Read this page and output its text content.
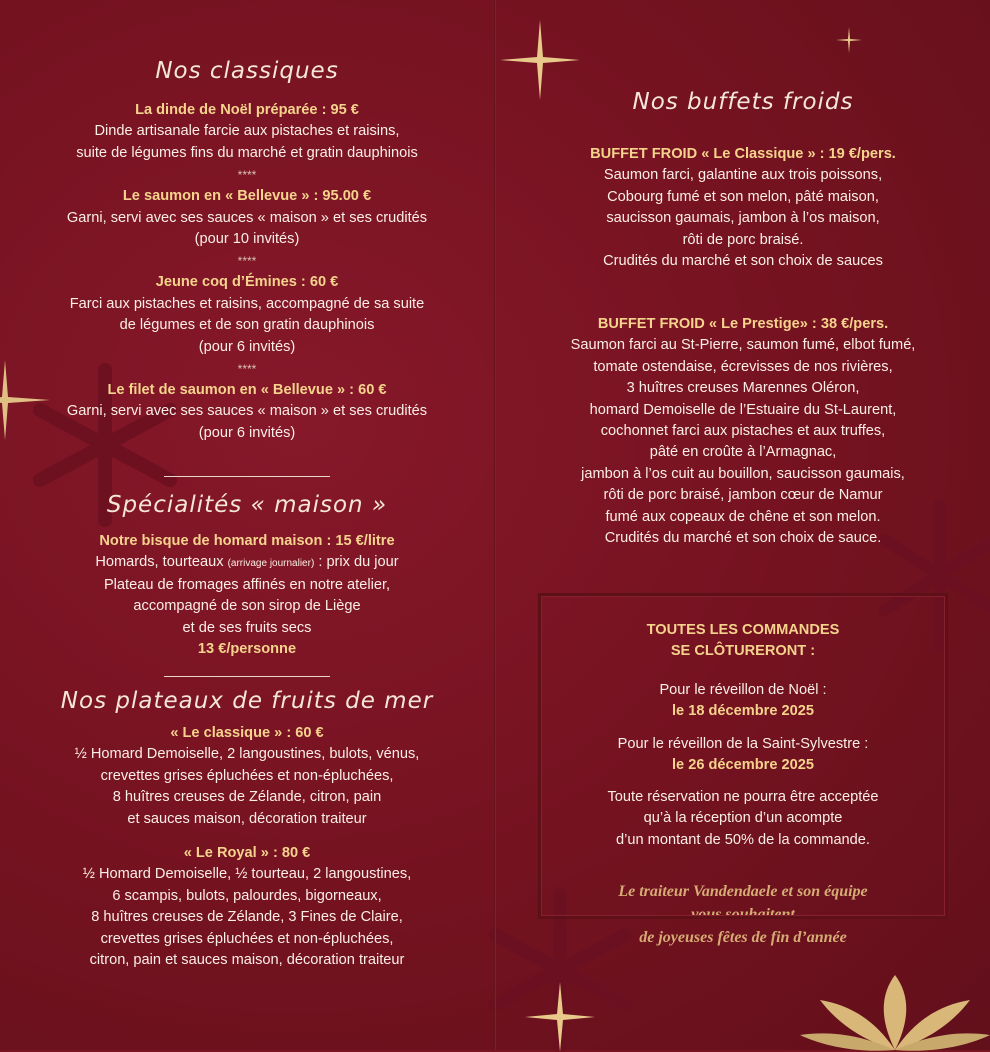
Nos classiques

La dinde de Noël préparée : 95 €

Dinde artisanale farcie aux pistaches et raisins,

suite de légumes fins du marché et gratin dauphinois

****

Le saumon en « Bellevue » : 95.00 €

Garni, servi avec ses sauces « maison » et ses crudités

(pour 10 invités)

****

Jeune coq d’Émines : 60 €

Farci aux pistaches et raisins, accompagné de sa suite

de légumes et de son gratin dauphinois

(pour 6 invités)

****

Le filet de saumon en « Bellevue » : 60 €

Garni, servi avec ses sauces « maison » et ses crudités

(pour 6 invités)

Spécialités « maison »

Notre bisque de homard maison : 15 €/litre

Homards, tourteaux (arrivage journalier) : prix du jour

Plateau de fromages affinés en notre atelier,

accompagné de son sirop de Liège

et de ses fruits secs

13 €/personne

Nos plateaux de fruits de mer

« Le classique » : 60 €

½ Homard Demoiselle, 2 langoustines, bulots, vénus,

crevettes grises épluchées et non-épluchées,

8 huîtres creuses de Zélande, citron, pain

et sauces maison, décoration traiteur

« Le Royal » : 80 €

½ Homard Demoiselle, ½ tourteau, 2 langoustines,

6 scampis, bulots, palourdes, bigorneaux,

8 huîtres creuses de Zélande, 3 Fines de Claire,

crevettes grises épluchées et non-épluchées,

citron, pain et sauces maison, décoration traiteur

Nos buffets froids

BUFFET FROID « Le Classique » : 19 €/pers.

Saumon farci, galantine aux trois poissons,

Cobourg fumé et son melon, pâté maison,

saucisson gaumais, jambon à l’os maison,

rôti de porc braisé.

Crudités du marché et son choix de sauces

BUFFET FROID « Le Prestige» : 38 €/pers.

Saumon farci au St-Pierre, saumon fumé, elbot fumé,

tomate ostendaise, écrevisses de nos rivières,

3 huîtres creuses Marennes Oléron,

homard Demoiselle de l’Estuaire du St-Laurent,

cochonnet farci aux pistaches et aux truffes,

pâté en croûte à l’Armagnac,

jambon à l’os cuit au bouillon, saucisson gaumais,

rôti de porc braisé, jambon cœur de Namur

fumé aux copeaux de chêne et son melon.

Crudités du marché et son choix de sauce.

TOUTES LES COMMANDES

SE CLÔTURERONT :

Pour le réveillon de Noël :

le 18 décembre 2025

Pour le réveillon de la Saint-Sylvestre :

le 26 décembre 2025

Toute réservation ne pourra être acceptée

qu’à la réception d’un acompte

d’un montant de 50% de la commande.

Le traiteur Vandendaele et son équipe

vous souhaitent

de joyeuses fêtes de fin d’année
